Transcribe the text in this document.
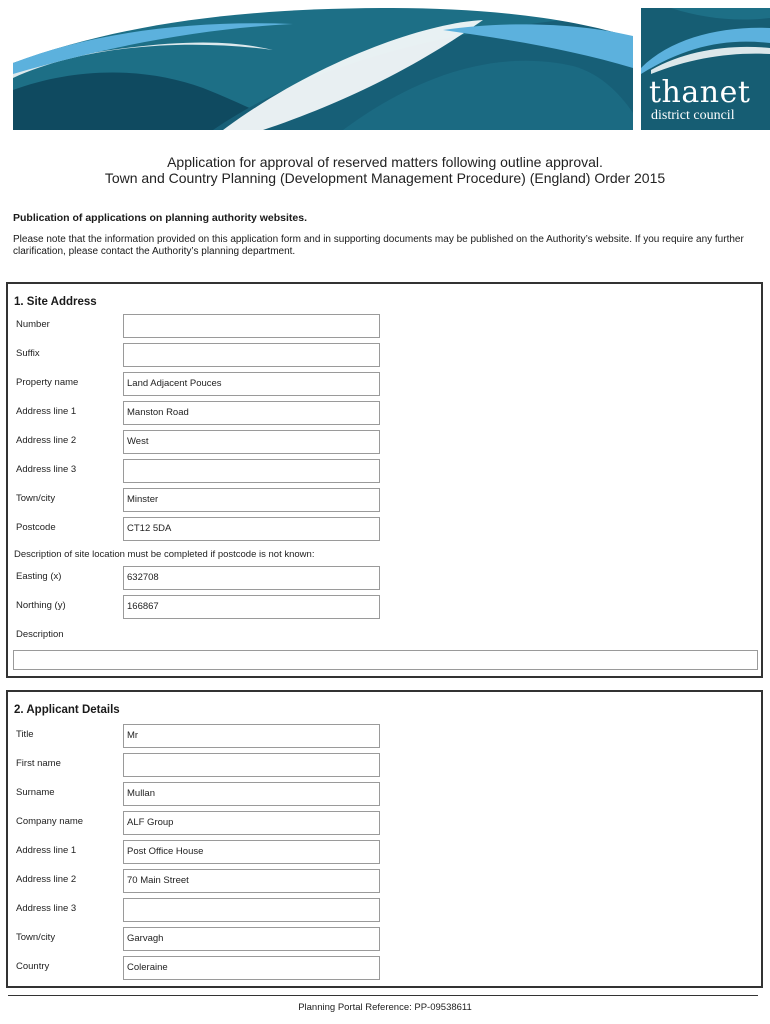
thanet
district council

Application for approval of reserved matters following outline approval.

Town and Country Planning (Development Management Procedure) (England) Order 2015

Publication of applications on planning authority websites.

Please note that the information provided on this application form and in supporting documents may be published on the Authority’s website. If you require any further clarification, please contact the Authority’s planning department.

1. Site Address
Number
Suffix
Property name	Land Adjacent Pouces
Address line 1	Manston Road
Address line 2	West
Address line 3
Town/city	Minster
Postcode	CT12 5DA
Description of site location must be completed if postcode is not known:
Easting (x)	632708
Northing (y)	166867
Description
2. Applicant Details
Title	Mr
First name
Surname	Mullan
Company name	ALF Group
Address line 1	Post Office House
Address line 2	70 Main Street
Address line 3
Town/city	Garvagh
Country	Coleraine
Planning Portal Reference: PP-09538611
